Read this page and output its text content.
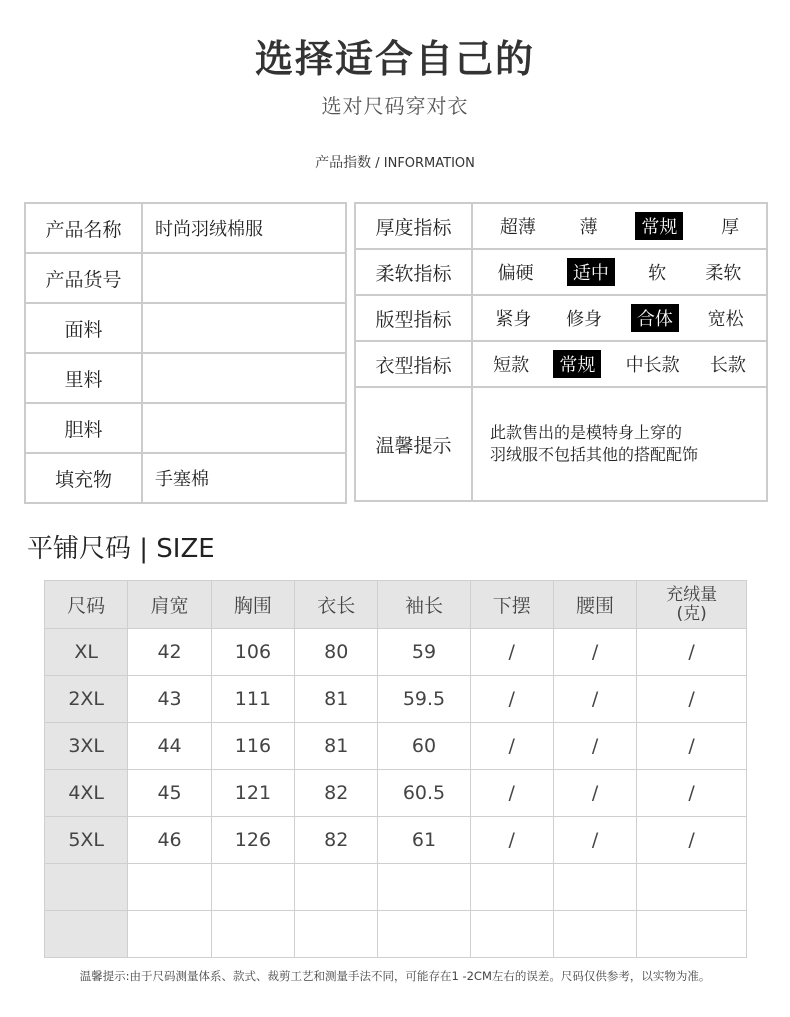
选择适合自己的
选对尺码穿对衣
产品指数 / INFORMATION
产品名称	时尚羽绒棉服
产品货号	
面料	
里料	
胆料	
填充物	手塞棉
厚度指标	超薄 薄 常规 厚

柔软指标	偏硬 适中 软 柔软

版型指标	紧身 修身 合体 宽松

衣型指标	短款 常规 中长款 长款

温馨提示	此款售出的是模特身上穿的
羽绒服不包括其他的搭配配饰
平铺尺码 | SIZE
尺码	肩宽	胸围	衣长	袖长	下摆	腰围	充绒量
(克)

XL	42	106	80	59	/	/	/
2XL	43	111	81	59.5	/	/	/
3XL	44	116	81	60	/	/	/
4XL	45	121	82	60.5	/	/	/
5XL	46	126	82	61	/	/	/

温馨提示:由于尺码测量体系、款式、裁剪工艺和测量手法不同，可能存在1 -2CM左右的误差。尺码仅供参考，以实物为准。
